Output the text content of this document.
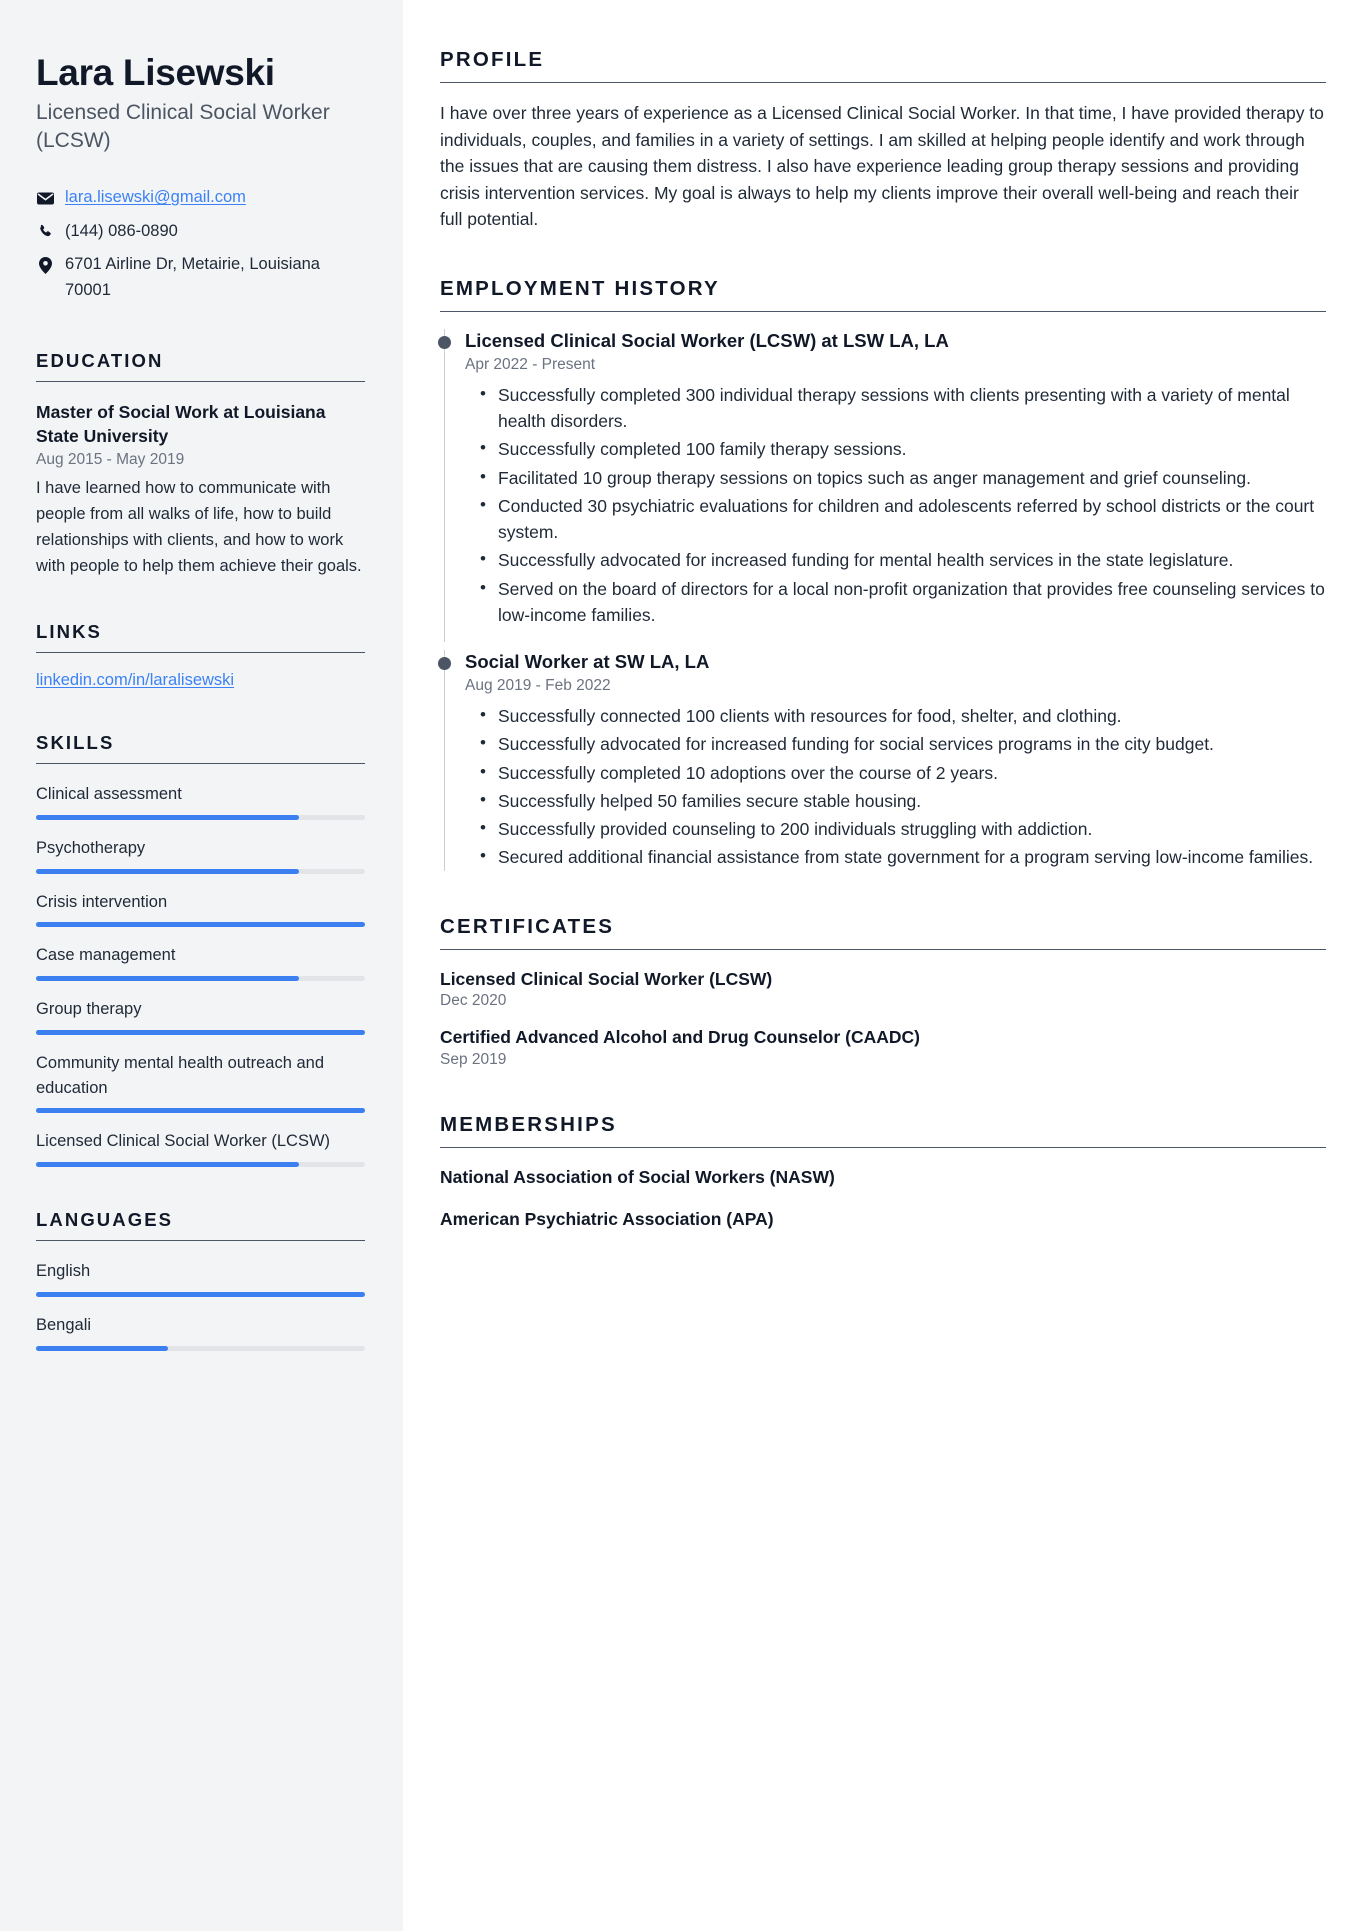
Lara Lisewski
Licensed Clinical Social Worker (LCSW)
lara.lisewski@gmail.com
(144) 086-0890
6701 Airline Dr, Metairie, Louisiana 70001
EDUCATION
Master of Social Work at Louisiana State University
Aug 2015 - May 2019
I have learned how to communicate with people from all walks of life, how to build relationships with clients, and how to work with people to help them achieve their goals.
LINKS
linkedin.com/in/laralisewski
SKILLS
Clinical assessment
Psychotherapy
Crisis intervention
Case management
Group therapy
Community mental health outreach and education
Licensed Clinical Social Worker (LCSW)
LANGUAGES
English
Bengali
PROFILE

I have over three years of experience as a Licensed Clinical Social Worker. In that time, I have provided therapy to individuals, couples, and families in a variety of settings. I am skilled at helping people identify and work through the issues that are causing them distress. I also have experience leading group therapy sessions and providing crisis intervention services. My goal is always to help my clients improve their overall well-being and reach their full potential.

EMPLOYMENT HISTORY
Licensed Clinical Social Worker (LCSW) at LSW LA, LA
Apr 2022 - Present
• Successfully completed 300 individual therapy sessions with clients presenting with a variety of mental health disorders.
• Successfully completed 100 family therapy sessions.
• Facilitated 10 group therapy sessions on topics such as anger management and grief counseling.
• Conducted 30 psychiatric evaluations for children and adolescents referred by school districts or the court system.
• Successfully advocated for increased funding for mental health services in the state legislature.
• Served on the board of directors for a local non-profit organization that provides free counseling services to low-income families.
Social Worker at SW LA, LA
Aug 2019 - Feb 2022
• Successfully connected 100 clients with resources for food, shelter, and clothing.
• Successfully advocated for increased funding for social services programs in the city budget.
• Successfully completed 10 adoptions over the course of 2 years.
• Successfully helped 50 families secure stable housing.
• Successfully provided counseling to 200 individuals struggling with addiction.
• Secured additional financial assistance from state government for a program serving low-income families.
CERTIFICATES
Licensed Clinical Social Worker (LCSW)
Dec 2020
Certified Advanced Alcohol and Drug Counselor (CAADC)
Sep 2019
MEMBERSHIPS
National Association of Social Workers (NASW)
American Psychiatric Association (APA)
